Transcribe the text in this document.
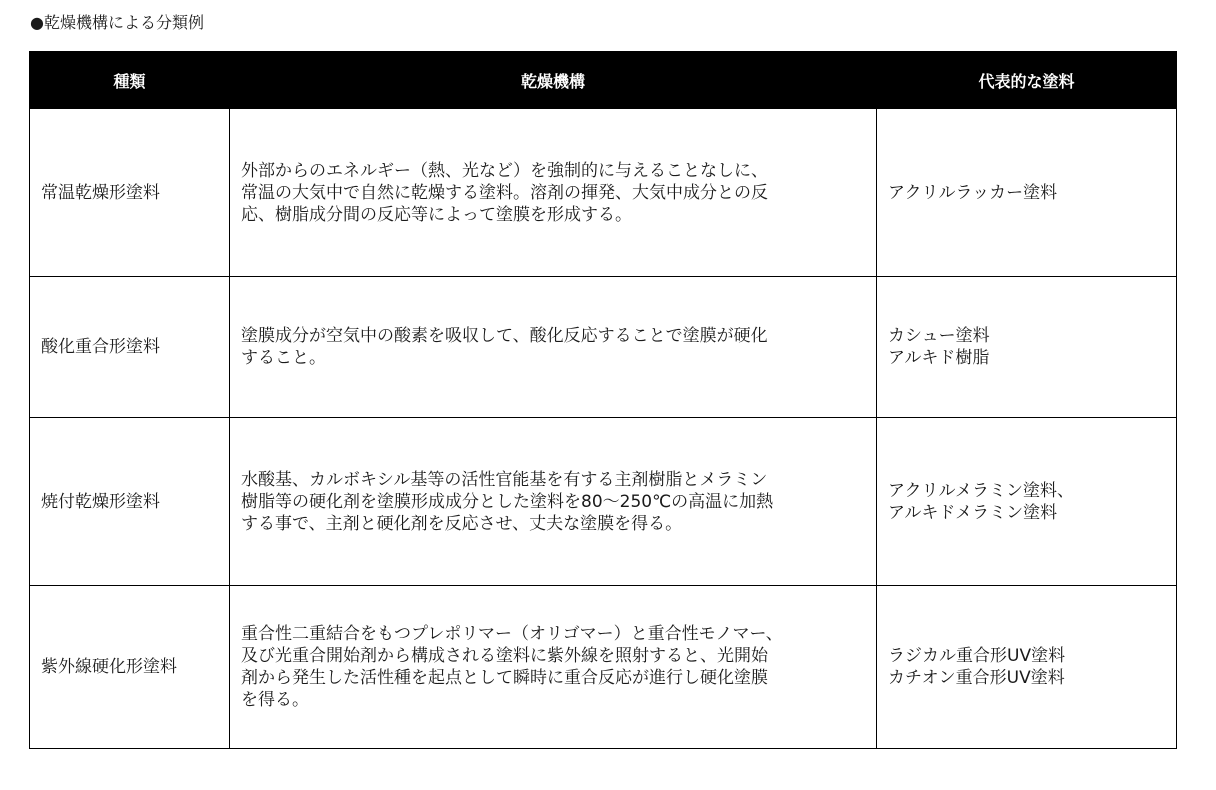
●乾燥機構による分類例
種類	乾燥機構	代表的な塗料
常温乾燥形塗料	外部からのエネルギー（熱、光など）を強制的に与えることなしに、
常温の大気中で自然に乾燥する塗料。溶剤の揮発、大気中成分との反
応、樹脂成分間の反応等によって塗膜を形成する。	アクリルラッカー塗料

酸化重合形塗料	塗膜成分が空気中の酸素を吸収して、酸化反応することで塗膜が硬化
すること。	カシュー塗料
アルキド樹脂

焼付乾燥形塗料	水酸基、カルボキシル基等の活性官能基を有する主剤樹脂とメラミン
樹脂等の硬化剤を塗膜形成成分とした塗料を80～250℃の高温に加熱
する事で、主剤と硬化剤を反応させ、丈夫な塗膜を得る。	アクリルメラミン塗料、
アルキドメラミン塗料

紫外線硬化形塗料	重合性二重結合をもつプレポリマー（オリゴマー）と重合性モノマー、
及び光重合開始剤から構成される塗料に紫外線を照射すると、光開始
剤から発生した活性種を起点として瞬時に重合反応が進行し硬化塗膜
を得る。	ラジカル重合形UV塗料
カチオン重合形UV塗料
